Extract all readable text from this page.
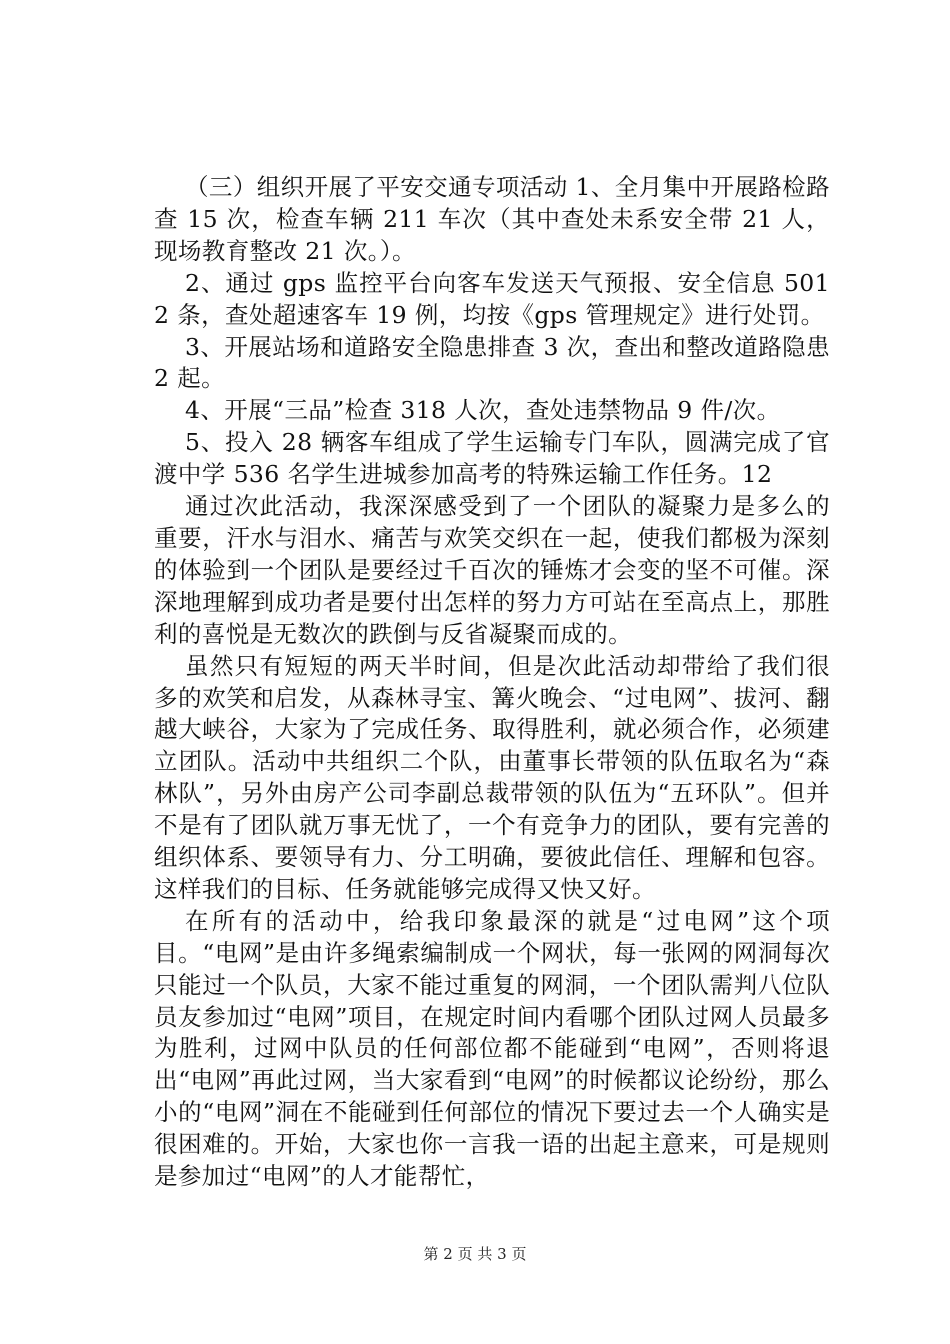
（三）组织开展了平安交通专项活动 1、全月集中开展路检路查 15 次，检查车辆 211 车次（其中查处未系安全带 21 人，现场教育整改 21 次。）。

2、通过 gps 监控平台向客车发送天气预报、安全信息 5012 条，查处超速客车 19 例，均按《gps 管理规定》进行处罚。

3、开展站场和道路安全隐患排查 3 次，查出和整改道路隐患 2 起。

4、开展“三品”检查 318 人次，查处违禁物品 9 件/次。

5、投入 28 辆客车组成了学生运输专门车队，圆满完成了官渡中学 536 名学生进城参加高考的特殊运输工作任务。12

通过次此活动，我深深感受到了一个团队的凝聚力是多么的重要，汗水与泪水、痛苦与欢笑交织在一起，使我们都极为深刻的体验到一个团队是要经过千百次的锤炼才会变的坚不可催。深深地理解到成功者是要付出怎样的努力方可站在至高点上，那胜利的喜悦是无数次的跌倒与反省凝聚而成的。

虽然只有短短的两天半时间，但是次此活动却带给了我们很多的欢笑和启发，从森林寻宝、篝火晚会、“过电网”、拔河、翻越大峡谷，大家为了完成任务、取得胜利，就必须合作，必须建立团队。活动中共组织二个队，由董事长带领的队伍取名为“森林队”，另外由房产公司李副总裁带领的队伍为“五环队”。但并不是有了团队就万事无忧了，一个有竞争力的团队，要有完善的组织体系、要领导有力、分工明确，要彼此信任、理解和包容。这样我们的目标、任务就能够完成得又快又好。

在所有的活动中，给我印象最深的就是“过电网”这个项目。“电网”是由许多绳索编制成一个网状，每一张网的网洞每次只能过一个队员，大家不能过重复的网洞，一个团队需判八位队员友参加过“电网”项目，在规定时间内看哪个团队过网人员最多为胜利，过网中队员的任何部位都不能碰到“电网”，否则将退出“电网”再此过网，当大家看到“电网”的时候都议论纷纷，那么小的“电网”洞在不能碰到任何部位的情况下要过去一个人确实是很困难的。开始，大家也你一言我一语的出起主意来，可是规则是参加过“电网”的人才能帮忙，

第 2 页 共 3 页
